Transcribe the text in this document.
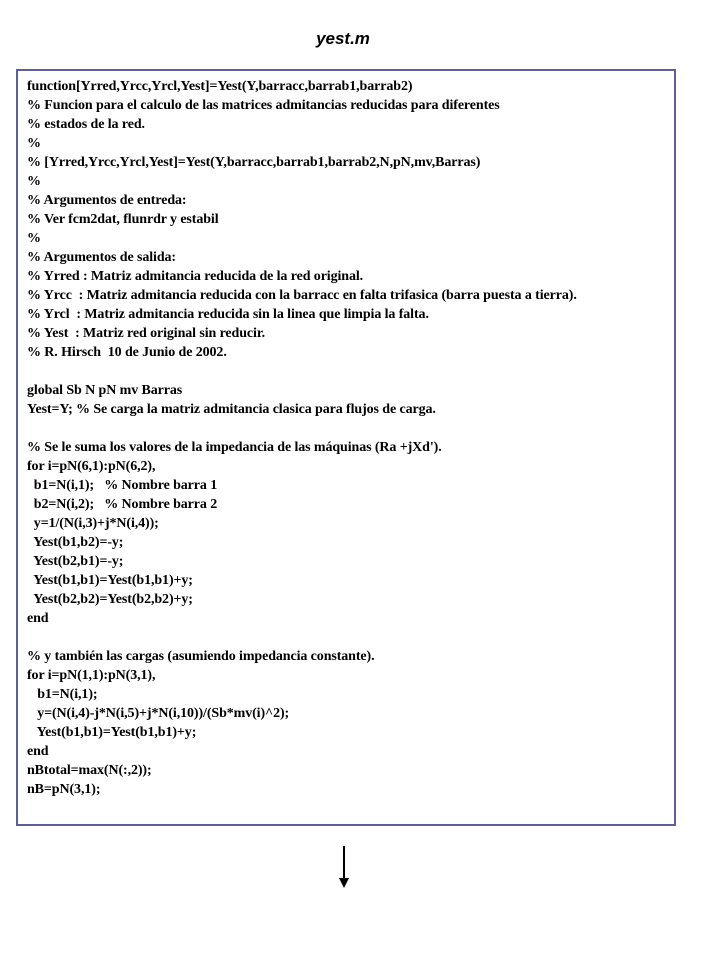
yest.m
function[Yrred,Yrcc,Yrcl,Yest]=Yest(Y,barracc,barrab1,barrab2)
% Funcion para el calculo de las matrices admitancias reducidas para diferentes
% estados de la red.
%
% [Yrred,Yrcc,Yrcl,Yest]=Yest(Y,barracc,barrab1,barrab2,N,pN,mv,Barras)
%
% Argumentos de entreda:
% Ver fcm2dat, flunrdr y estabil
%
% Argumentos de salida:
% Yrred : Matriz admitancia reducida de la red original.
% Yrcc  : Matriz admitancia reducida con la barracc en falta trifasica (barra puesta a tierra).
% Yrcl  : Matriz admitancia reducida sin la linea que limpia la falta.
% Yest  : Matriz red original sin reducir.
% R. Hirsch  10 de Junio de 2002.
global Sb N pN mv Barras
Yest=Y; % Se carga la matriz admitancia clasica para flujos de carga.
% Se le suma los valores de la impedancia de las máquinas (Ra +jXd').
for i=pN(6,1):pN(6,2),
b1=N(i,1);   % Nombre barra 1
b2=N(i,2);   % Nombre barra 2
y=1/(N(i,3)+j*N(i,4));
Yest(b1,b2)=-y;
Yest(b2,b1)=-y;
Yest(b1,b1)=Yest(b1,b1)+y;
Yest(b2,b2)=Yest(b2,b2)+y;
end
% y también las cargas (asumiendo impedancia constante).
for i=pN(1,1):pN(3,1),
b1=N(i,1);
y=(N(i,4)-j*N(i,5)+j*N(i,10))/(Sb*mv(i)^2);
Yest(b1,b1)=Yest(b1,b1)+y;
end
nBtotal=max(N(:,2));
nB=pN(3,1);
